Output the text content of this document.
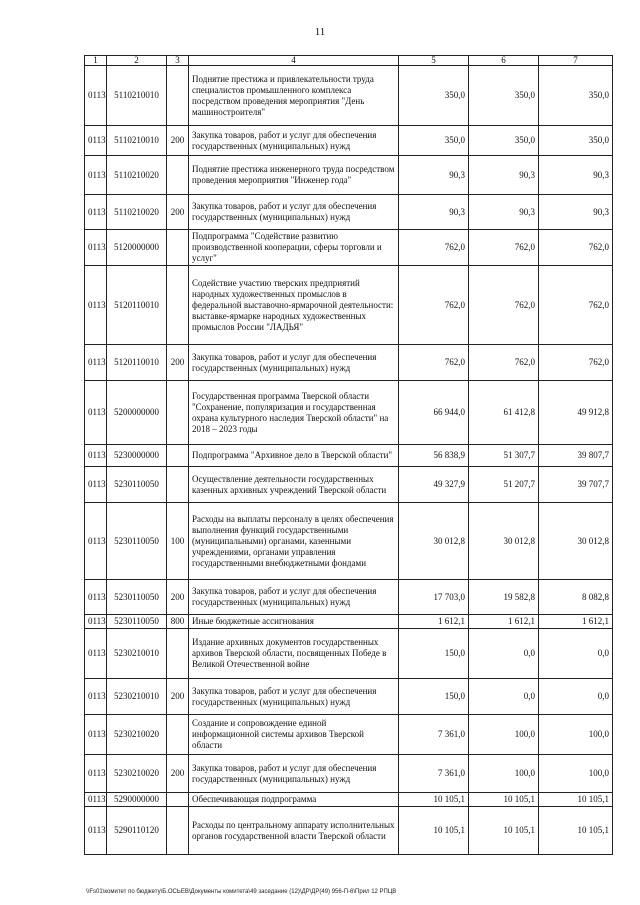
11
1	2	3	4	5	6	7
0113	5110210010		Поднятие престижа и привлекательности труда специалистов промышленного комплекса посредством проведения мероприятия "День машиностроителя"	350,0	350,0	350,0
0113	5110210010	200	Закупка товаров, работ и услуг для обеспечения государственных (муниципальных) нужд	350,0	350,0	350,0
0113	5110210020		Поднятие престижа инженерного труда посредством проведения мероприятия "Инженер года"	90,3	90,3	90,3
0113	5110210020	200	Закупка товаров, работ и услуг для обеспечения государственных (муниципальных) нужд	90,3	90,3	90,3
0113	5120000000		Подпрограмма "Содействие развитию производственной кооперации, сферы торговли и услуг"	762,0	762,0	762,0
0113	5120110010		Содействие участию тверских предприятий народных художественных промыслов в федеральной выставочно-ярмарочной деятельности: выставке-ярмарке народных художественных промыслов России "ЛАДЬЯ"	762,0	762,0	762,0
0113	5120110010	200	Закупка товаров, работ и услуг для обеспечения государственных (муниципальных) нужд	762,0	762,0	762,0
0113	5200000000		Государственная программа Тверской области "Сохранение, популяризация и государственная охрана культурного наследия Тверской области" на 2018 – 2023 годы	66 944,0	61 412,8	49 912,8
0113	5230000000		Подпрограмма "Архивное дело в Тверской области"	56 838,9	51 307,7	39 807,7
0113	5230110050		Осуществление деятельности государственных казенных архивных учреждений Тверской области	49 327,9	51 207,7	39 707,7
0113	5230110050	100	Расходы на выплаты персоналу в целях обеспечения выполнения функций государственными (муниципальными) органами, казенными учреждениями, органами управления государственными внебюджетными фондами	30 012,8	30 012,8	30 012,8
0113	5230110050	200	Закупка товаров, работ и услуг для обеспечения государственных (муниципальных) нужд	17 703,0	19 582,8	8 082,8
0113	5230110050	800	Иные бюджетные ассигнования	1 612,1	1 612,1	1 612,1
0113	5230210010		Издание архивных документов государственных архивов Тверской области, посвященных Победе в Великой Отечественной войне	150,0	0,0	0,0
0113	5230210010	200	Закупка товаров, работ и услуг для обеспечения государственных (муниципальных) нужд	150,0	0,0	0,0
0113	5230210020		Создание и сопровождение единой информационной системы архивов Тверской области	7 361,0	100,0	100,0
0113	5230210020	200	Закупка товаров, работ и услуг для обеспечения государственных (муниципальных) нужд	7 361,0	100,0	100,0
0113	5290000000		Обеспечивающая подпрограмма	10 105,1	10 105,1	10 105,1
0113	5290110120		Расходы по центральному аппарату исполнительных органов государственной власти Тверской области	10 105,1	10 105,1	10 105,1
\\Fs01\комитет по бюджету\Б.ОСЬЕВ\Документы комитета\49 заседание (12)\ДР\ДР(49) 956-П-6\Прил 12 РПЦВ
